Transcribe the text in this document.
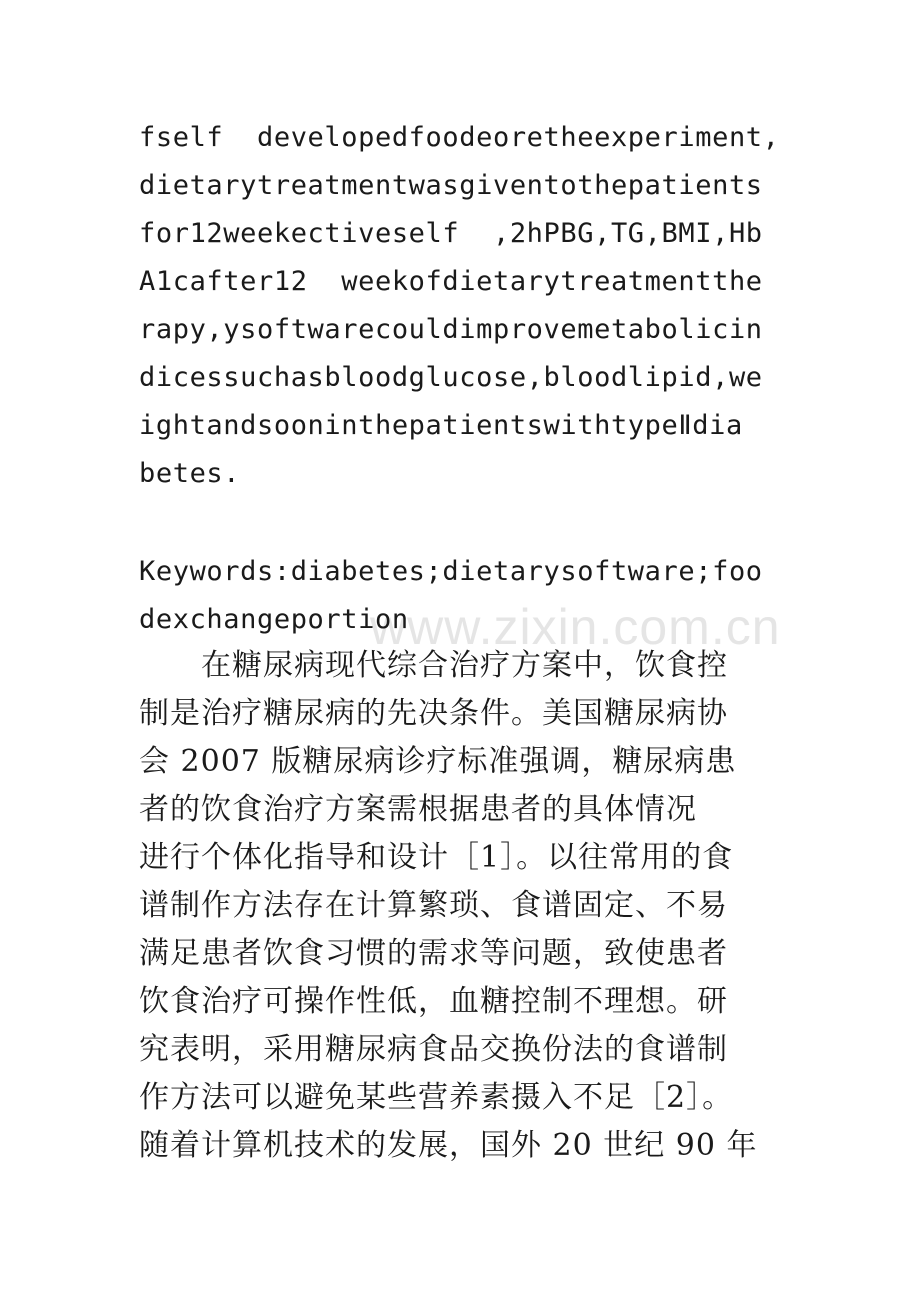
www.zixin.com.cn
fself  developedfoodeoretheexperiment,
dietarytreatmentwasgiventothepatients
for12weekectiveself  ,2hPBG,TG,BMI,Hb
A1cafter12  weekofdietarytreatmentthe
rapy,ysoftwarecouldimprovemetabolicin
dicessuchasbloodglucose,bloodlipid,we
ightandsooninthepatientswithtypeⅡdia
betes.
Keywords:diabetes;dietarysoftware;foo
dexchangeportion
　　在糖尿病现代综合治疗方案中，饮食控
制是治疗糖尿病的先决条件。美国糖尿病协
会 2007 版糖尿病诊疗标准强调，糖尿病患
者的饮食治疗方案需根据患者的具体情况
进行个体化指导和设计［1］。以往常用的食
谱制作方法存在计算繁琐、食谱固定、不易
满足患者饮食习惯的需求等问题，致使患者
饮食治疗可操作性低，血糖控制不理想。研
究表明，采用糖尿病食品交换份法的食谱制
作方法可以避免某些营养素摄入不足［2］。
随着计算机技术的发展，国外 20 世纪 90 年
